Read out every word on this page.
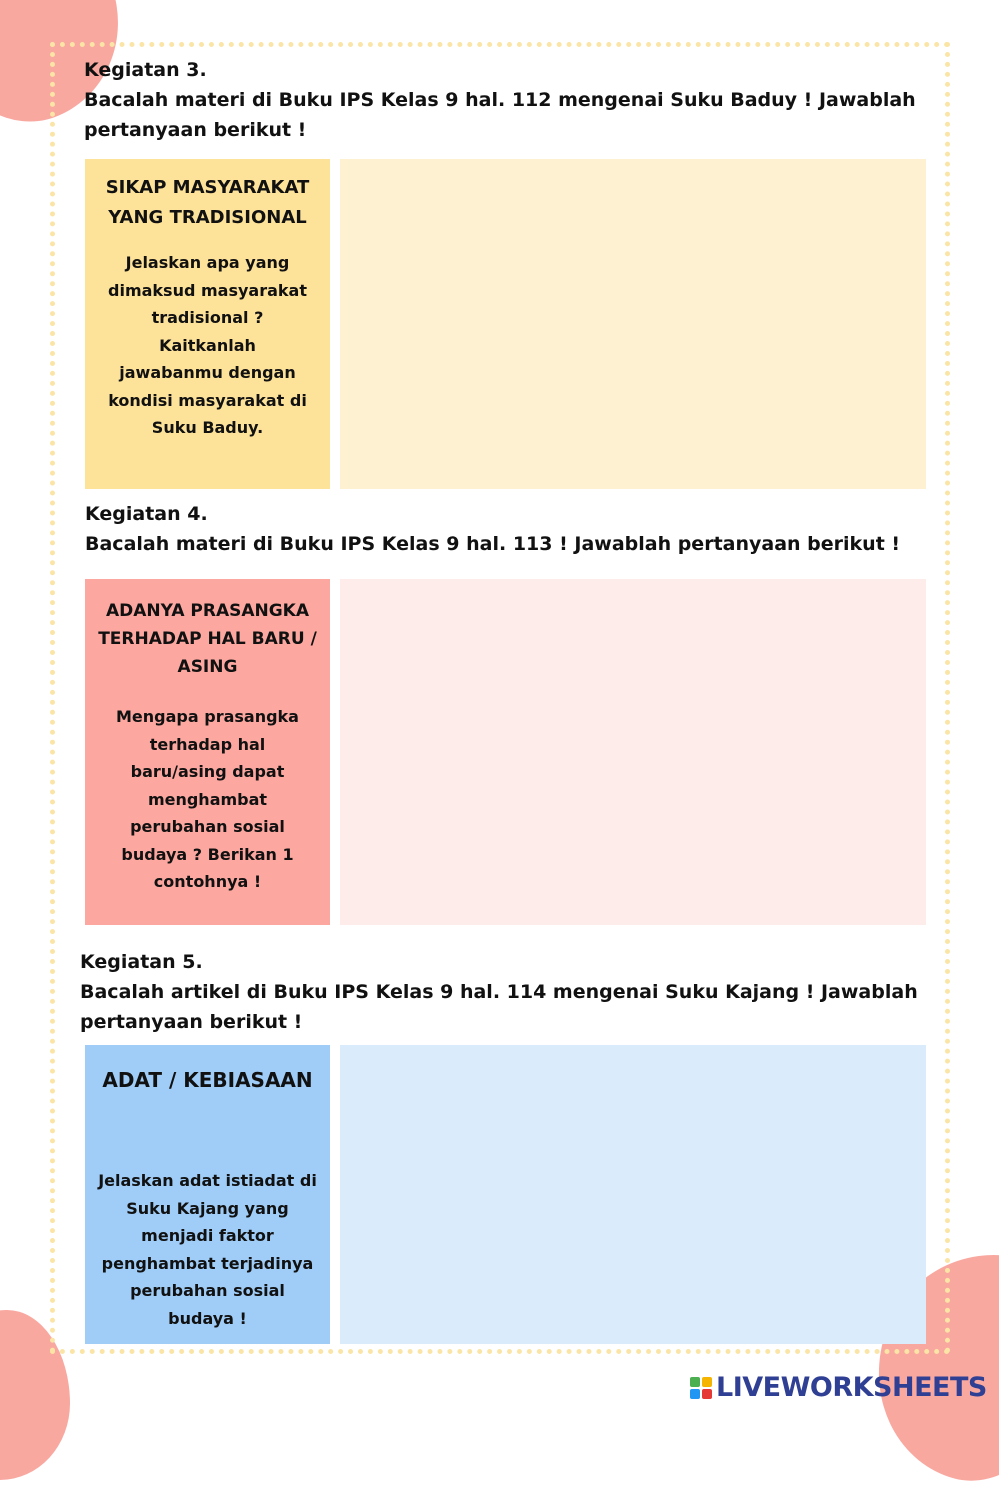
Kegiatan 3.
Bacalah materi di Buku IPS Kelas 9 hal. 112 mengenai Suku Baduy ! Jawablah
pertanyaan berikut !
SIKAP MASYARAKAT YANG TRADISIONAL
Jelaskan apa yang dimaksud masyarakat tradisional ? Kaitkanlah jawabanmu dengan kondisi masyarakat di Suku Baduy.
Kegiatan 4.
Bacalah materi di Buku IPS Kelas 9 hal. 113 ! Jawablah pertanyaan berikut !
ADANYA PRASANGKA TERHADAP HAL BARU / ASING
Mengapa prasangka terhadap hal baru/asing dapat menghambat perubahan sosial budaya ? Berikan 1 contohnya !
Kegiatan 5.
Bacalah artikel di Buku IPS Kelas 9 hal. 114 mengenai Suku Kajang ! Jawablah
pertanyaan berikut !
ADAT / KEBIASAAN
Jelaskan adat istiadat di Suku Kajang yang menjadi faktor penghambat terjadinya perubahan sosial budaya !
LIVEWORKSHEETS
